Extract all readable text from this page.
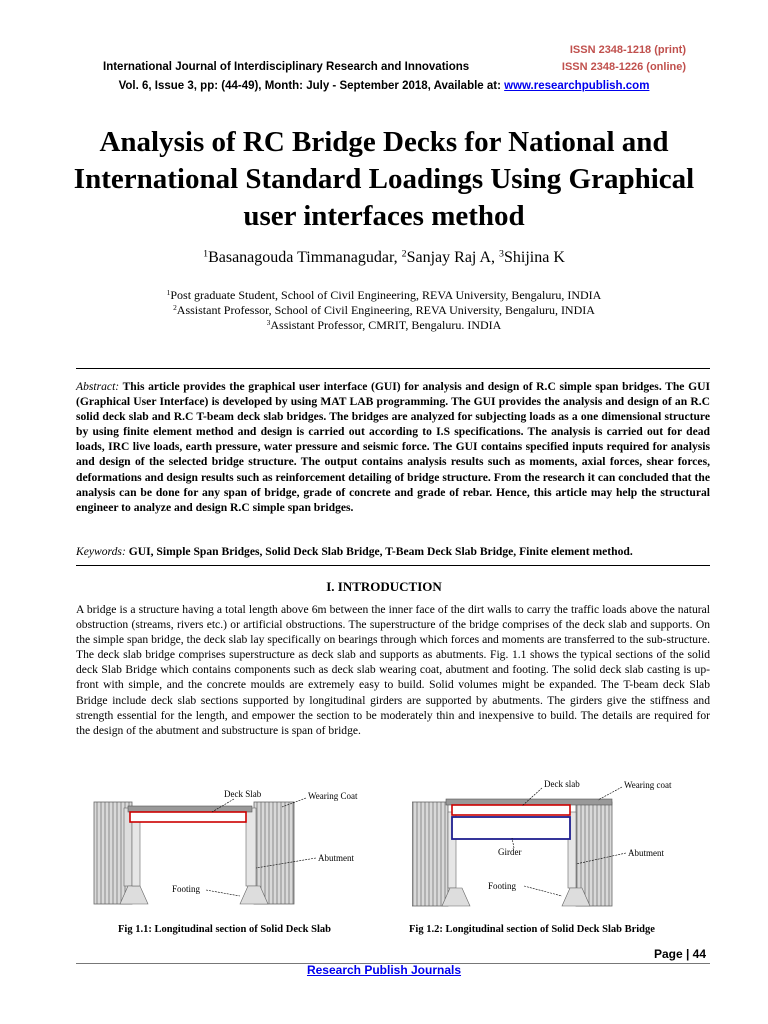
ISSN 2348-1218 (print)
International Journal of Interdisciplinary Research and Innovations	ISSN 2348-1226 (online)
Vol. 6, Issue 3, pp: (44-49), Month: July - September 2018, Available at: www.researchpublish.com
Analysis of RC Bridge Decks for National and International Standard Loadings Using Graphical user interfaces method
$^1$Basanagouda Timmanagudar, $^2$Sanjay Raj A, $^3$Shijina K
$^1$Post graduate Student, School of Civil Engineering, REVA University, Bengaluru, INDIA
$^2$Assistant Professor, School of Civil Engineering, REVA University, Bengaluru, INDIA
$^3$Assistant Professor, CMRIT, Bengaluru. INDIA
Abstract: This article provides the graphical user interface (GUI) for analysis and design of R.C simple span bridges. The GUI (Graphical User Interface) is developed by using MAT LAB programming. The GUI provides the analysis and design of an R.C solid deck slab and R.C T-beam deck slab bridges. The bridges are analyzed for subjecting loads as a one dimensional structure by using finite element method and design is carried out according to I.S specifications. The analysis is carried out for dead loads, IRC live loads, earth pressure, water pressure and seismic force. The GUI contains specified inputs required for analysis and design of the selected bridge structure. The output contains analysis results such as moments, axial forces, shear forces, deformations and design results such as reinforcement detailing of bridge structure. From the research it can concluded that the analysis can be done for any span of bridge, grade of concrete and grade of rebar. Hence, this article may help the structural engineer to analyze and design R.C simple span bridges.
Keywords: GUI, Simple Span Bridges, Solid Deck Slab Bridge, T-Beam Deck Slab Bridge, Finite element method.
I. INTRODUCTION
A bridge is a structure having a total length above 6m between the inner face of the dirt walls to carry the traffic loads above the natural obstruction (streams, rivers etc.) or artificial obstructions. The superstructure of the bridge comprises of the deck slab and supports. On the simple span bridge, the deck slab lay specifically on bearings through which forces and moments are transferred to the sub-structure. The deck slab bridge comprises superstructure as deck slab and supports as abutments. Fig. 1.1 shows the typical sections of the solid deck Slab Bridge which contains components such as deck slab wearing coat, abutment and footing. The solid deck slab casting is up-front with simple, and the concrete moulds are extremely easy to build. Solid volumes might be expanded. The T-beam deck Slab Bridge include deck slab sections supported by longitudinal girders are supported by abutments. The girders give the stiffness and strength essential for the length, and empower the section to be moderately thin and inexpensive to build. The details are required for the design of the abutment and substructure is span of bridge.
Deck Slab	Wearing Coat
Abutment
Footing
Deck slab	Wearing coat
Girder	Abutment
Footing
Fig 1.1: Longitudinal section of Solid Deck Slab	Fig 1.2: Longitudinal section of Solid Deck Slab Bridge
Page | 44
Research Publish Journals
